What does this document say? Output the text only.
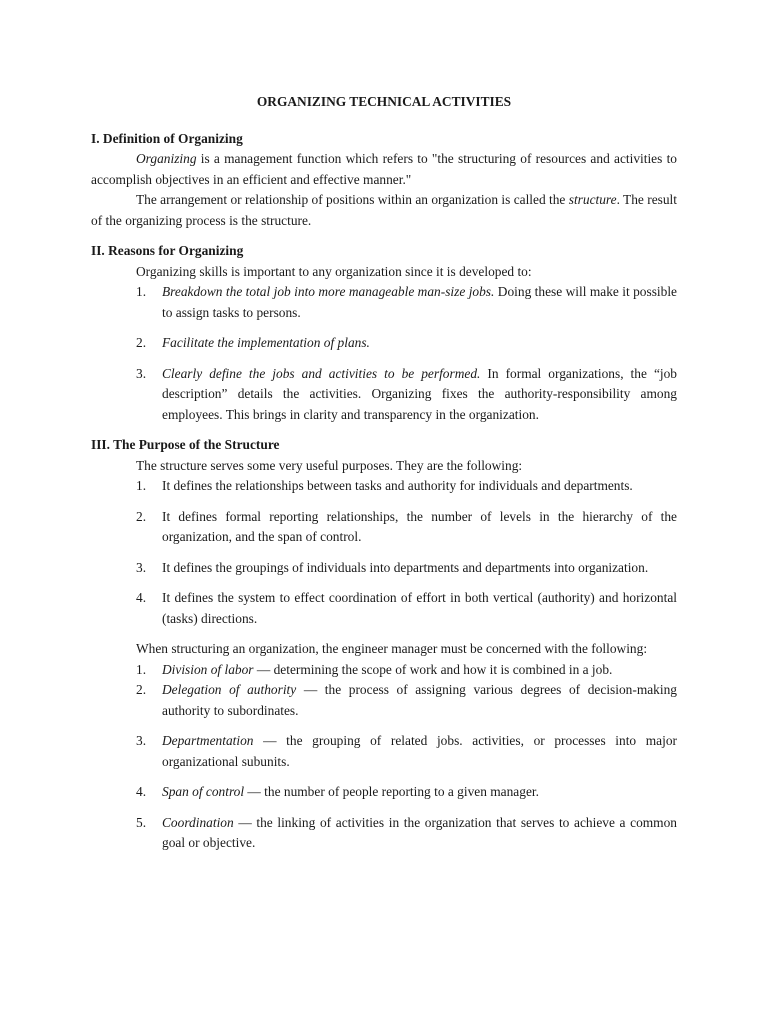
ORGANIZING TECHNICAL ACTIVITIES
I. Definition of Organizing

Organizing is a management function which refers to "the structuring of resources and activities to accomplish objectives in an efficient and effective manner."

The arrangement or relationship of positions within an organization is called the structure. The result of the organizing process is the structure.

II. Reasons for Organizing

Organizing skills is important to any organization since it is developed to:

1. Breakdown the total job into more manageable man-size jobs. Doing these will make it possible to assign tasks to persons.
2. Facilitate the implementation of plans.
3. Clearly define the jobs and activities to be performed. In formal organizations, the “job description” details the activities. Organizing fixes the authority-responsibility among employees. This brings in clarity and transparency in the organization.
III. The Purpose of the Structure

The structure serves some very useful purposes. They are the following:

1. It defines the relationships between tasks and authority for individuals and departments.
2. It defines formal reporting relationships, the number of levels in the hierarchy of the organization, and the span of control.
3. It defines the groupings of individuals into departments and departments into organization.
4. It defines the system to effect coordination of effort in both vertical (authority) and horizontal (tasks) directions.

When structuring an organization, the engineer manager must be concerned with the following:

1. Division of labor — determining the scope of work and how it is combined in a job.
2. Delegation of authority — the process of assigning various degrees of decision-making authority to subordinates.
3. Departmentation — the grouping of related jobs. activities, or processes into major organizational subunits.
4. Span of control — the number of people reporting to a given manager.
5. Coordination — the linking of activities in the organization that serves to achieve a common goal or objective.
